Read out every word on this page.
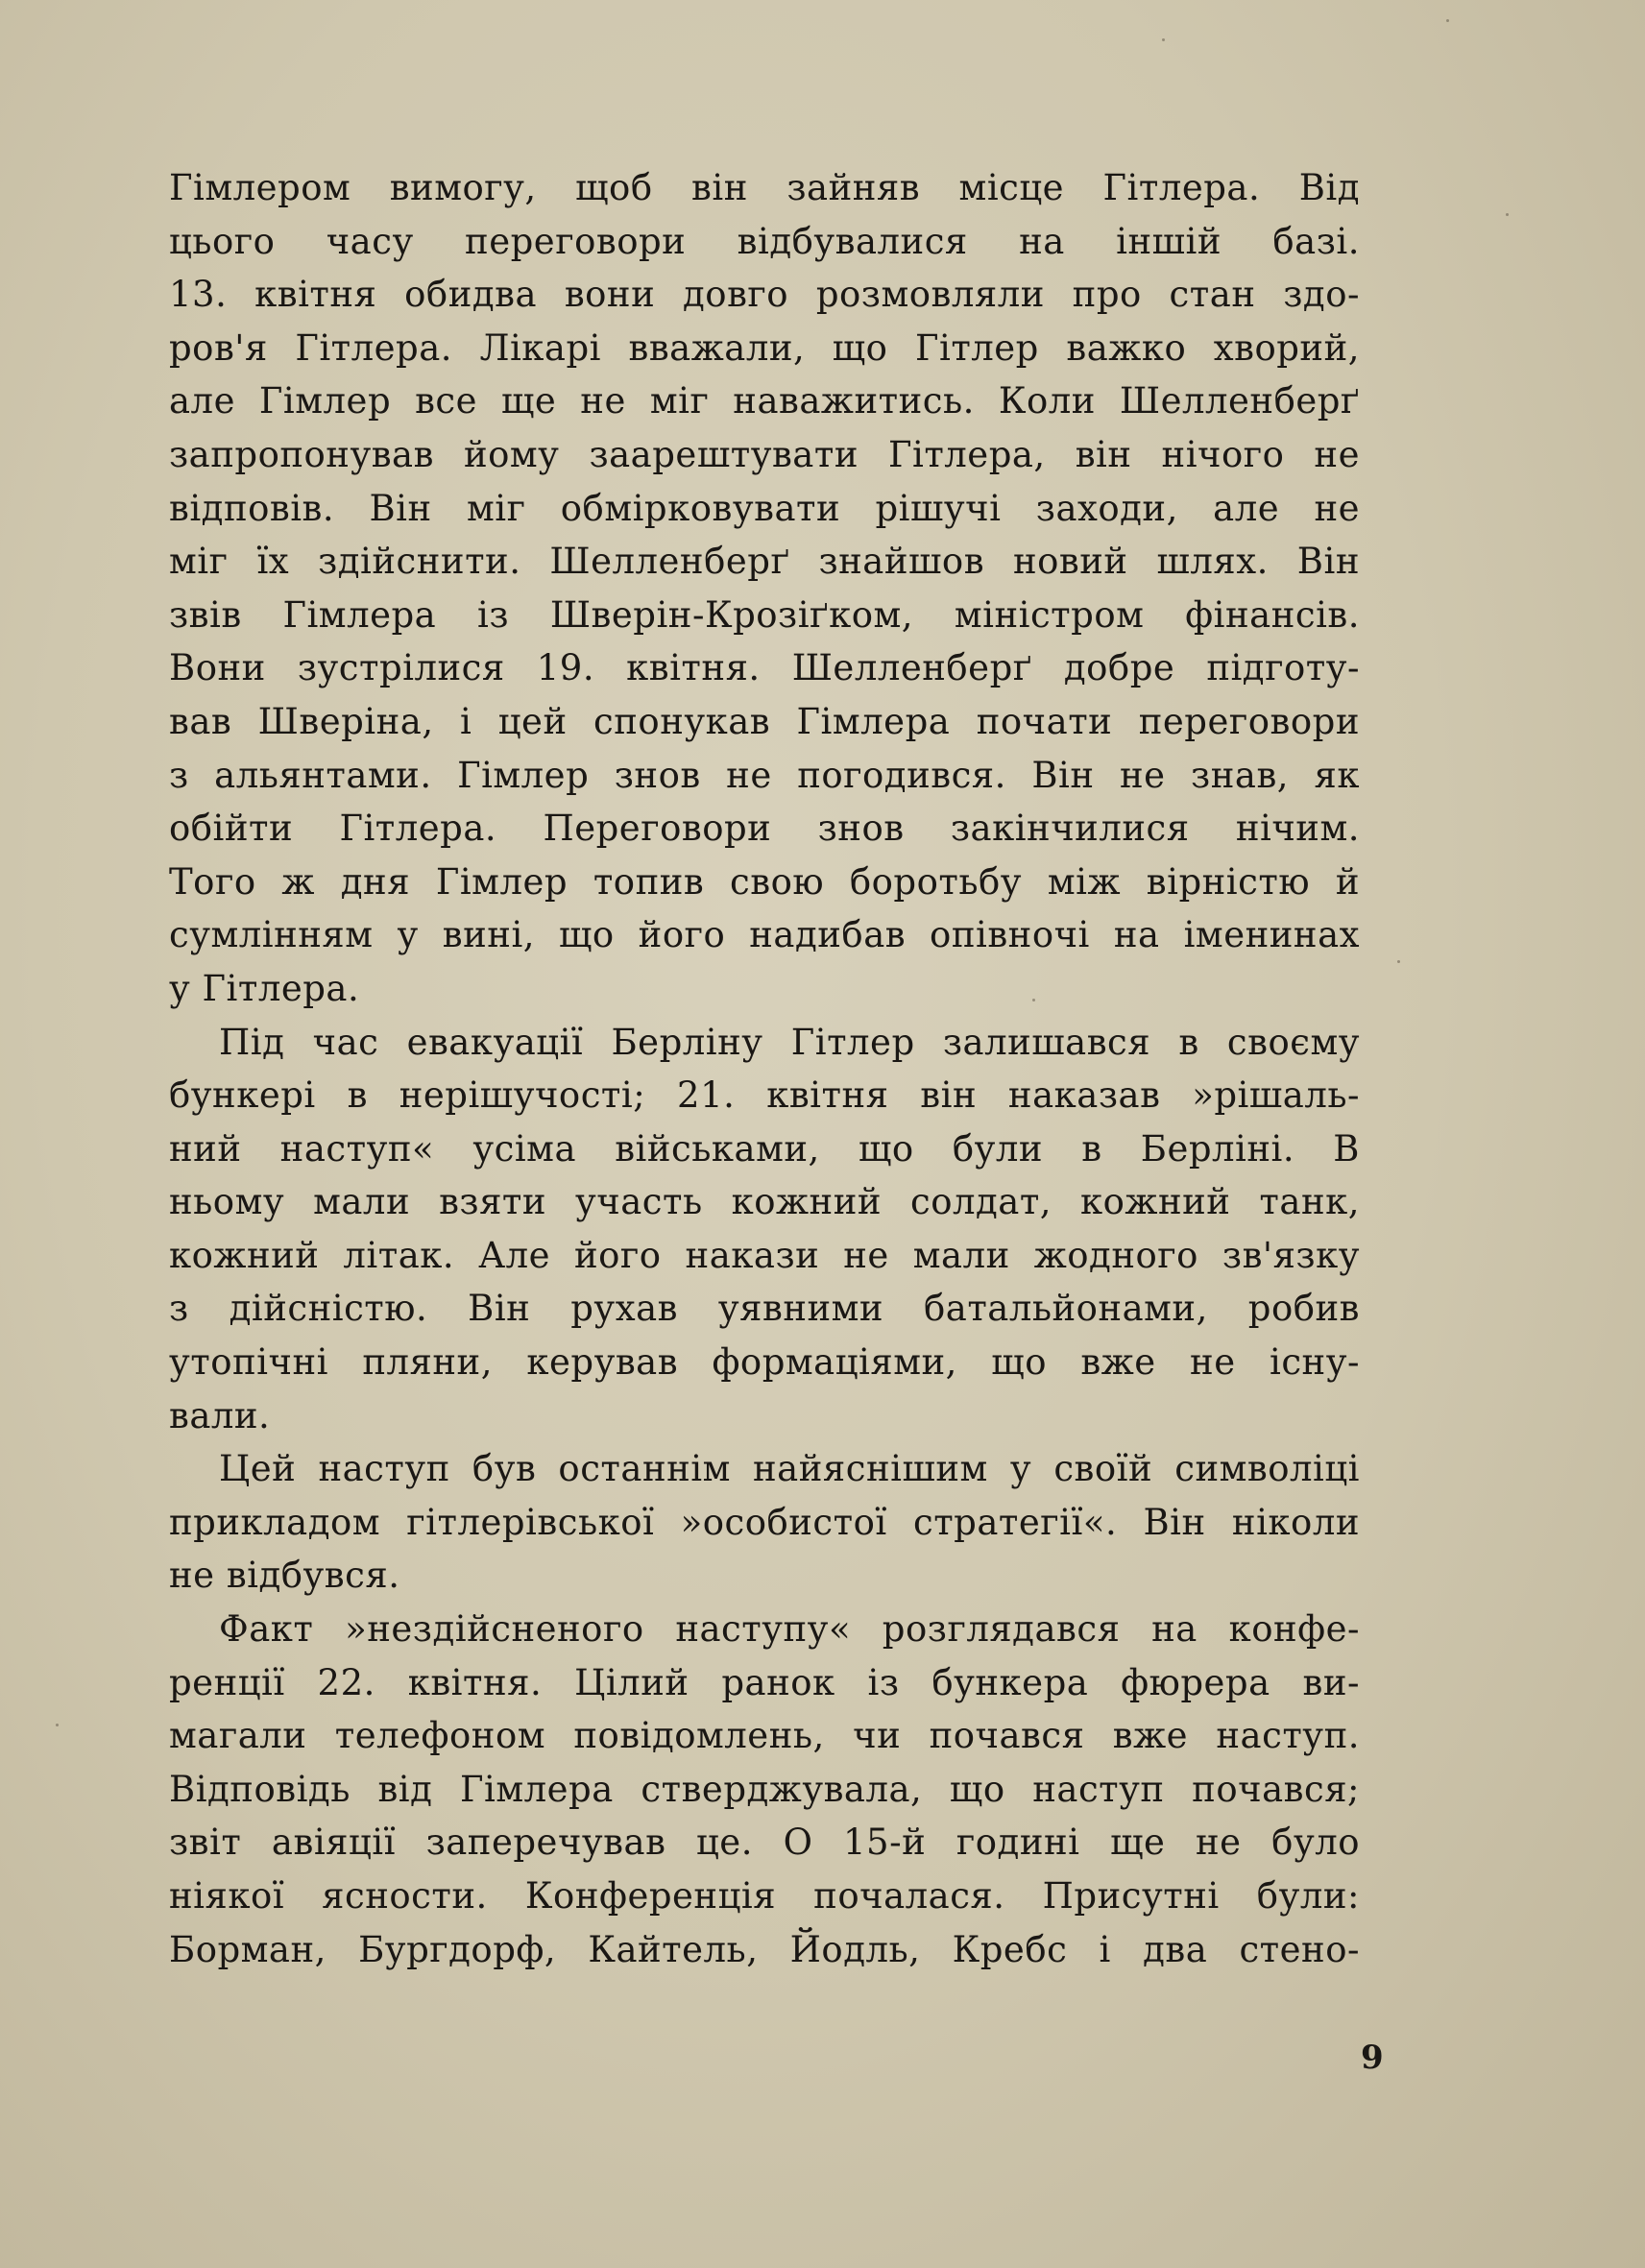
Гімлером вимогу, щоб він зайняв місце Гітлера. Від
цього часу переговори відбувалися на іншій базі.
13. квітня обидва вони довго розмовляли про стан здо-
ров'я Гітлера. Лікарі вважали, що Гітлер важко хворий,
але Гімлер все ще не міг наважитись. Коли Шелленберґ
запропонував йому заарештувати Гітлера, він нічого не
відповів. Він міг обмірковувати рішучі заходи, але не
міг їх здійснити. Шелленберґ знайшов новий шлях. Він
звів Гімлера із Шверін-Крозіґком, міністром фінансів.
Вони зустрілися 19. квітня. Шелленберґ добре підготу-
вав Шверіна, і цей спонукав Гімлера почати переговори
з альянтами. Гімлер знов не погодився. Він не знав, як
обійти Гітлера. Переговори знов закінчилися нічим.
Того ж дня Гімлер топив свою боротьбу між вірністю й
сумлінням у вині, що його надибав опівночі на іменинах
у Гітлера.
Під час евакуації Берліну Гітлер залишався в своєму
бункері в нерішучості; 21. квітня він наказав »рішаль-
ний наступ« усіма військами, що були в Берліні. В
ньому мали взяти участь кожний солдат, кожний танк,
кожний літак. Але його накази не мали жодного зв'язку
з дійсністю. Він рухав уявними батальйонами, робив
утопічні пляни, керував формаціями, що вже не існу-
вали.
Цей наступ був останнім найяснішим у своїй символіці
прикладом гітлерівської »особистої стратегії«. Він ніколи
не відбувся.
Факт »нездійсненого наступу« розглядався на конфе-
ренції 22. квітня. Цілий ранок із бункера фюрера ви-
магали телефоном повідомлень, чи почався вже наступ.
Відповідь від Гімлера стверджувала, що наступ почався;
звіт авіяції заперечував це. О 15-й годині ще не було
ніякої ясности. Конференція почалася. Присутні були:
Борман, Бургдорф, Кайтель, Йодль, Кребс і два стено-
9
